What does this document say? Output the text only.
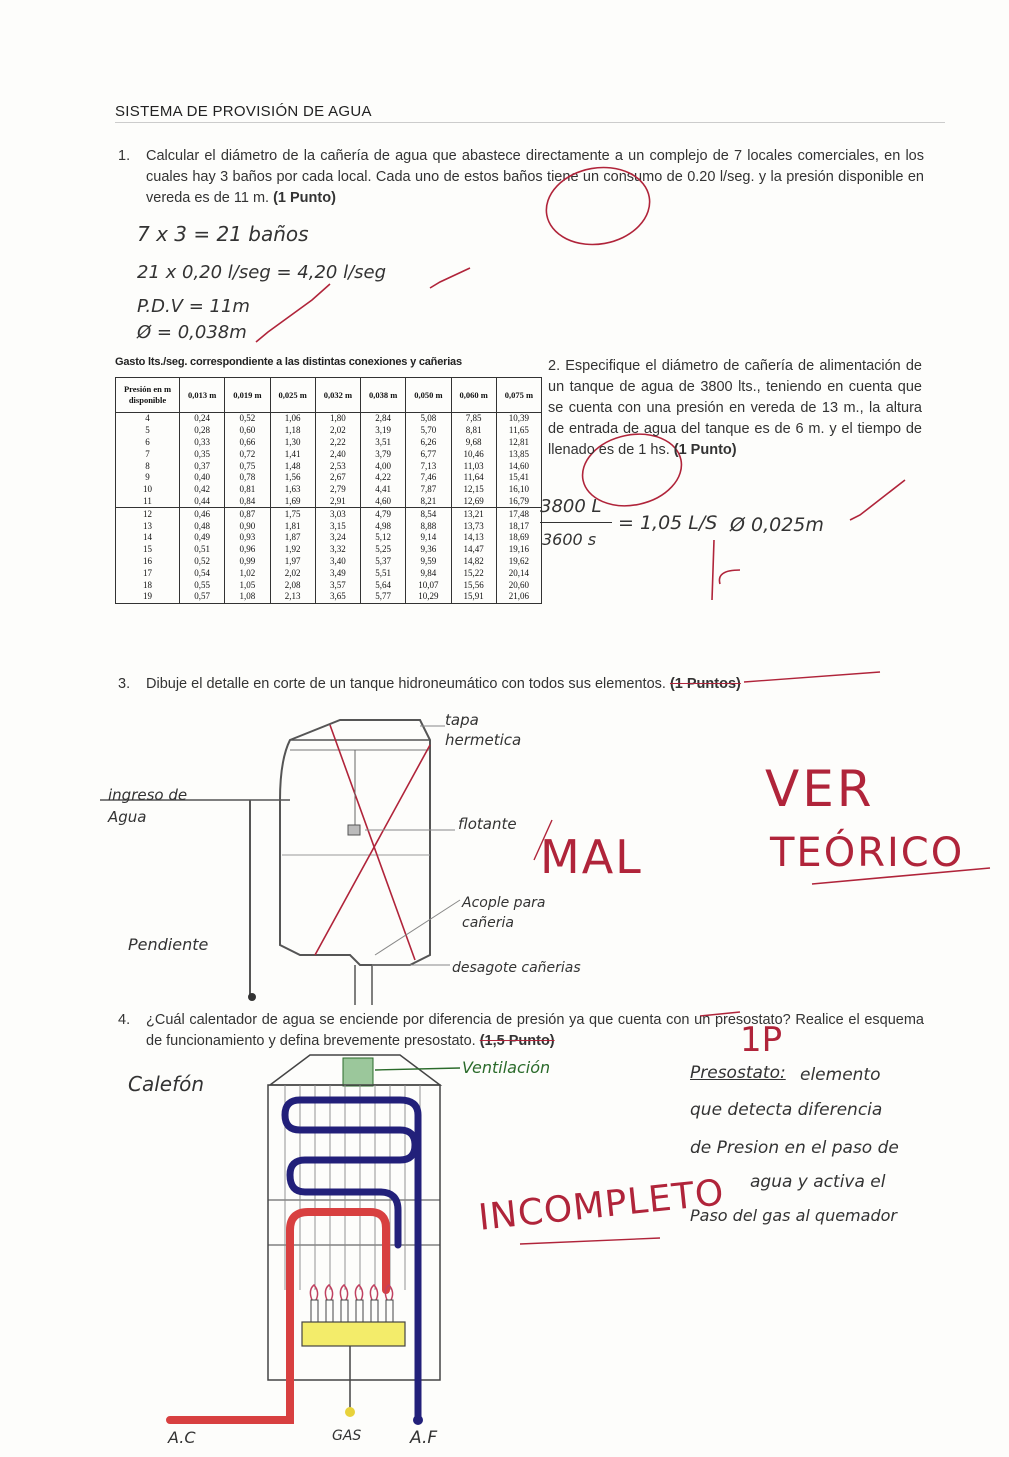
SISTEMA DE PROVISIÓN DE AGUA
1. Calcular el diámetro de la cañería de agua que abastece directamente a un complejo de 7 locales comerciales, en los cuales hay 3 baños por cada local. Cada uno de estos baños tiene un consumo de 0.20 l/seg. y la presión disponible en vereda es de 11 m. (1 Punto)
7 x 3 = 21 baños
21 x 0,20 l/seg = 4,20 l/seg
P.D.V = 11m
Ø = 0,038m
Gasto lts./seg. correspondiente a las distintas conexiones y cañerias
Presión en m disponible	0,013 m	0,019 m	0,025 m	0,032 m	0,038 m	0,050 m	0,060 m	0,075 m
4	0,24	0,52	1,06	1,80	2,84	5,08	7,85	10,39
5	0,28	0,60	1,18	2,02	3,19	5,70	8,81	11,65
6	0,33	0,66	1,30	2,22	3,51	6,26	9,68	12,81
7	0,35	0,72	1,41	2,40	3,79	6,77	10,46	13,85
8	0,37	0,75	1,48	2,53	4,00	7,13	11,03	14,60
9	0,40	0,78	1,56	2,67	4,22	7,46	11,64	15,41
10	0,42	0,81	1,63	2,79	4,41	7,87	12,15	16,10
11	0,44	0,84	1,69	2,91	4,60	8,21	12,69	16,79
12	0,46	0,87	1,75	3,03	4,79	8,54	13,21	17,48
13	0,48	0,90	1,81	3,15	4,98	8,88	13,73	18,17
14	0,49	0,93	1,87	3,24	5,12	9,14	14,13	18,69
15	0,51	0,96	1,92	3,32	5,25	9,36	14,47	19,16
16	0,52	0,99	1,97	3,40	5,37	9,59	14,82	19,62
17	0,54	1,02	2,02	3,49	5,51	9,84	15,22	20,14
18	0,55	1,05	2,08	3,57	5,64	10,07	15,56	20,60
19	0,57	1,08	2,13	3,65	5,77	10,29	15,91	21,06
2. Especifique el diámetro de cañería de alimentación de un tanque de agua de 3800 lts., teniendo en cuenta que se cuenta con una presión en vereda de 13 m., la altura de entrada de agua del tanque es de 6 m. y el tiempo de llenado es de 1 hs. (1 Punto)
3800 L
3600 s
= 1,05 L/S Ø 0,025m
3. Dibuje el detalle en corte de un tanque hidroneumático con todos sus elementos. (1 Puntos)
tapa hermetica
ingreso de Agua	flotante
Acople para cañeria
desagote cañerias
Pendiente
MAL
VER
TEÓRICO
4. ¿Cuál calentador de agua se enciende por diferencia de presión ya que cuenta con un presostato? Realice el esquema de funcionamiento y defina brevemente presostato. (1,5 Punto)
Calefón
Ventilación
A.C	GAS	A.F
Presostato: elemento
que detecta diferencia
de Presion en el paso de
agua y activa el
Paso del gas al quemador
INCOMPLETO
1P
